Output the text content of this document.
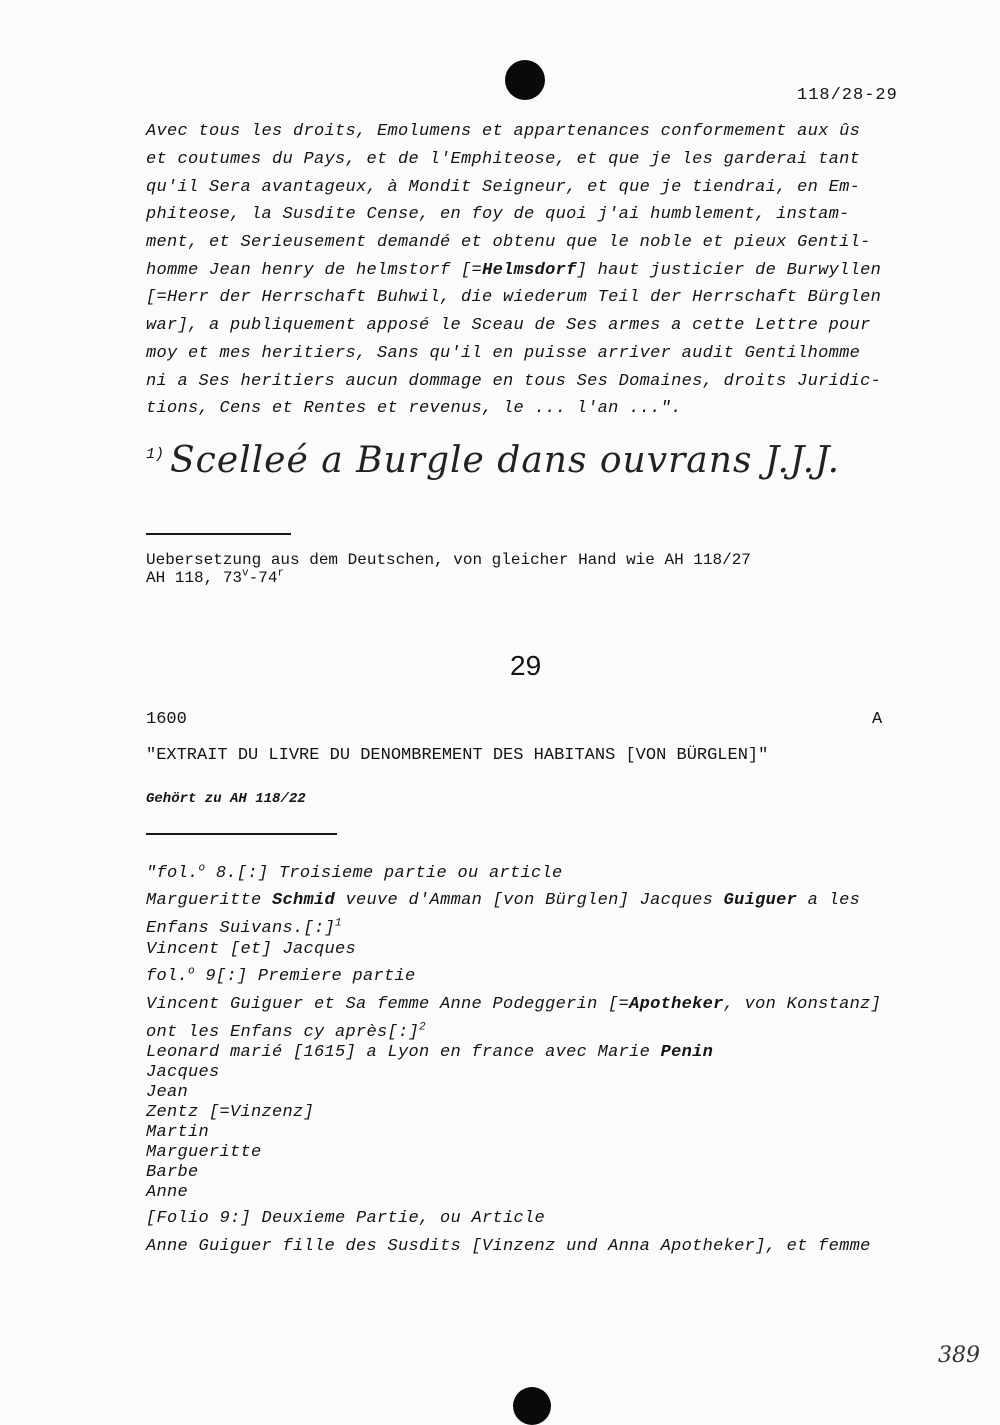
118/28-29
Avec tous les droits, Emolumens et appartenances conformement aux ûs
et coutumes du Pays, et de l'Emphiteose, et que je les garderai tant
qu'il Sera avantageux, à Mondit Seigneur, et que je tiendrai, en Em-
phiteose, la Susdite Cense, en foy de quoi j'ai humblement, instam-
ment, et Serieusement demandé et obtenu que le noble et pieux Gentil-
homme Jean henry de helmstorf [=Helmsdorf] haut justicier de Burwyllen
[=Herr der Herrschaft Buhwil, die wiederum Teil der Herrschaft Bürglen
war], a publiquement apposé le Sceau de Ses armes a cette Lettre pour
moy et mes heritiers, Sans qu'il en puisse arriver audit Gentilhomme
ni a Ses heritiers aucun dommage en tous Ses Domaines, droits Juridic-
tions, Cens et Rentes et revenus, le ... l'an ...".
1) Scelleé a Burgle dans ouvrans J.J.J.
Uebersetzung aus dem Deutschen, von gleicher Hand wie AH 118/27
AH 118, 73$^v$-74$^r$
29
1600	A
"EXTRAIT DU LIVRE DU DENOMBREMENT DES HABITANS [VON BÜRGLEN]"
Gehört zu AH 118/22
"fol.$^o$ 8.[:] Troisieme partie ou article
Margueritte Schmid veuve d'Amman [von Bürglen] Jacques Guiguer a les
Enfans Suivans.[:]$^1$
Vincent [et] Jacques
fol.$^o$ 9[:] Premiere partie
Vincent Guiguer et Sa femme Anne Podeggerin [=Apotheker, von Konstanz]
ont les Enfans cy après[:]$^2$
Leonard marié [1615] a Lyon en france avec Marie Penin
Jacques
Jean
Zentz [=Vinzenz]
Martin
Margueritte
Barbe
Anne
[Folio 9:] Deuxieme Partie, ou Article
Anne Guiguer fille des Susdits [Vinzenz und Anna Apotheker], et femme
389
